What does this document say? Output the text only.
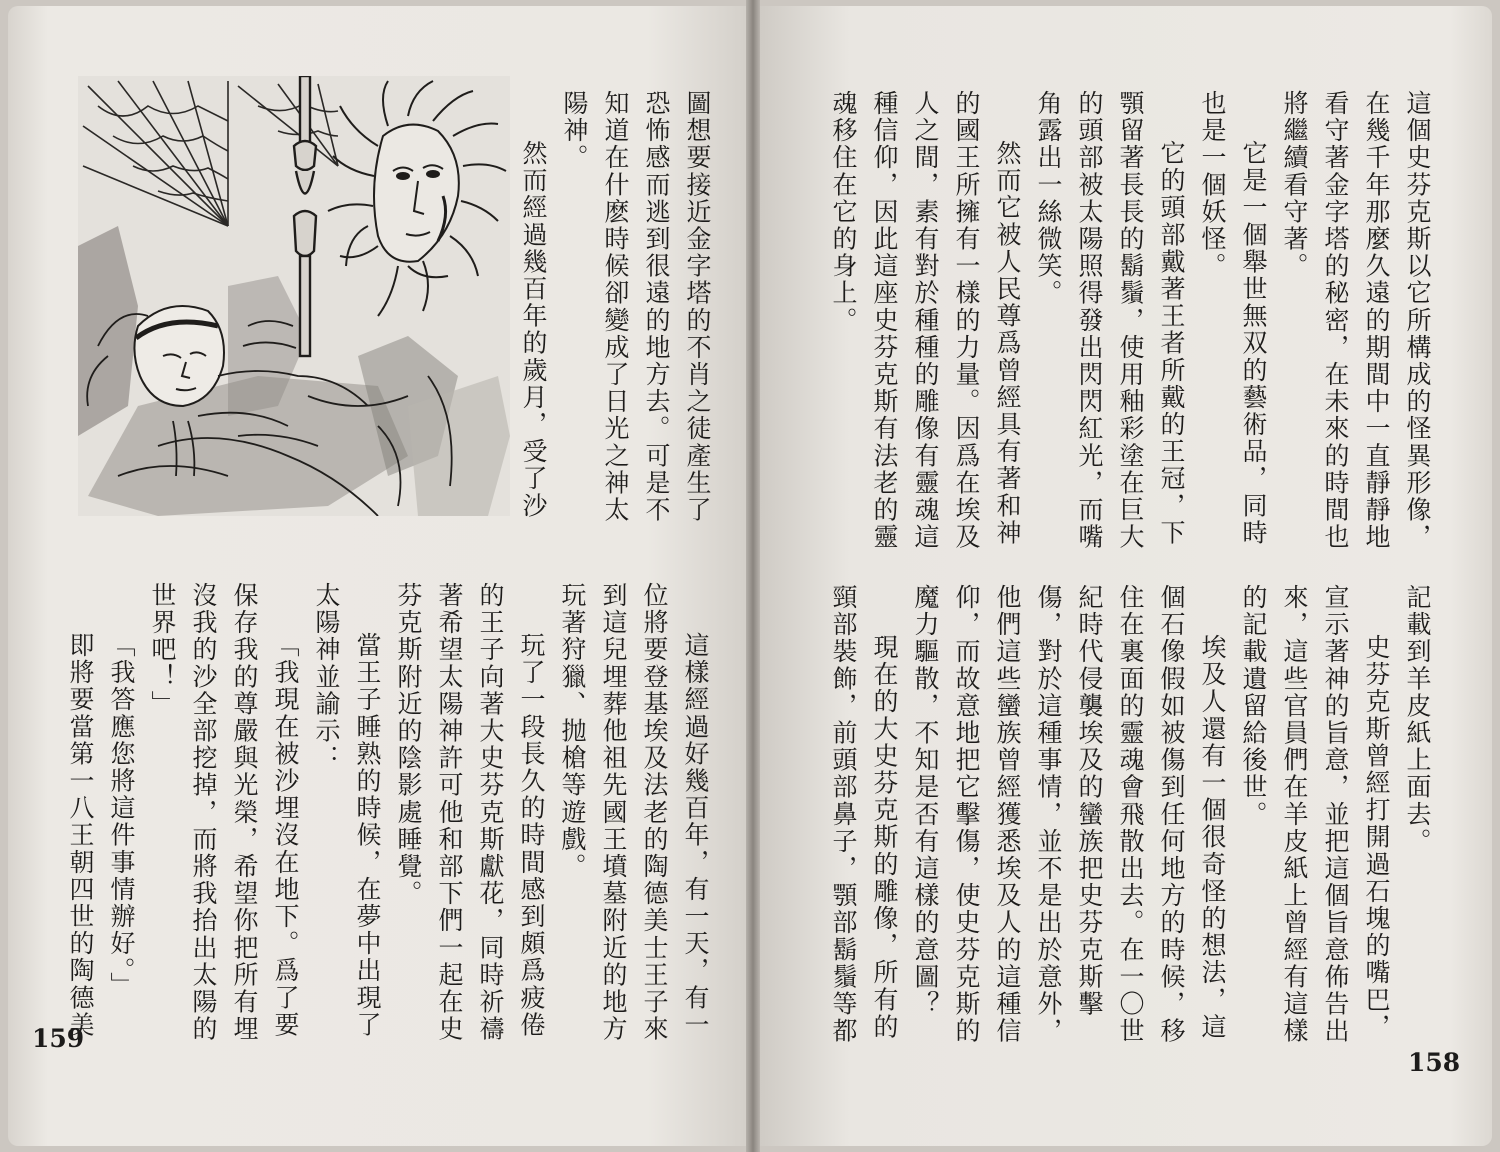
圖想要接近金字塔的不肖之徒產生了恐怖感而逃到很遠的地方去。可是不知道在什麽時候卻變成了日光之神太陽神。

然而經過幾百年的歲月，受了沙

這樣經過好幾百年，有一天，有一位將要登基埃及法老的陶德美士王子來到這兒埋葬他祖先國王墳墓附近的地方玩著狩獵、抛槍等遊戲。

玩了一段長久的時間感到頗爲疲倦的王子向著大史芬克斯獻花，同時祈禱著希望太陽神許可他和部下們一起在史芬克斯附近的陰影處睡覺。

當王子睡熟的時候，在夢中出現了太陽神並諭示：

「我現在被沙埋沒在地下。爲了要保存我的尊嚴與光榮，希望你把所有埋沒我的沙全部挖掉，而將我抬出太陽的世界吧！」

「我答應您將這件事情辦好。」

即將要當第一八王朝四世的陶德美

159

這個史芬克斯以它所構成的怪異形像，在幾千年那麼久遠的期間中一直靜靜地看守著金字塔的秘密，在未來的時間也將繼續看守著。

它是一個舉世無双的藝術品，同時也是一個妖怪。

它的頭部戴著王者所戴的王冠，下顎留著長長的鬍鬚，使用釉彩塗在巨大的頭部被太陽照得發出閃閃紅光，而嘴角露出一絲微笑。

然而它被人民尊爲曾經具有著和神的國王所擁有一樣的力量。因爲在埃及人之間，素有對於種種的雕像有靈魂這種信仰，因此這座史芬克斯有法老的靈魂移住在它的身上。

記載到羊皮紙上面去。

史芬克斯曾經打開過石塊的嘴巴，宣示著神的旨意，並把這個旨意佈告出來，這些官員們在羊皮紙上曾經有這樣的記載遺留給後世。

埃及人還有一個很奇怪的想法，這個石像假如被傷到任何地方的時候，移住在裏面的靈魂會飛散出去。在一〇世紀時代侵襲埃及的蠻族把史芬克斯擊傷，對於這種事情，並不是出於意外，他們這些蠻族曾經獲悉埃及人的這種信仰，而故意地把它擊傷，使史芬克斯的魔力驅散，不知是否有這樣的意圖？

現在的大史芬克斯的雕像，所有的頸部裝飾，前頭部鼻子，顎部鬍鬚等都

158
